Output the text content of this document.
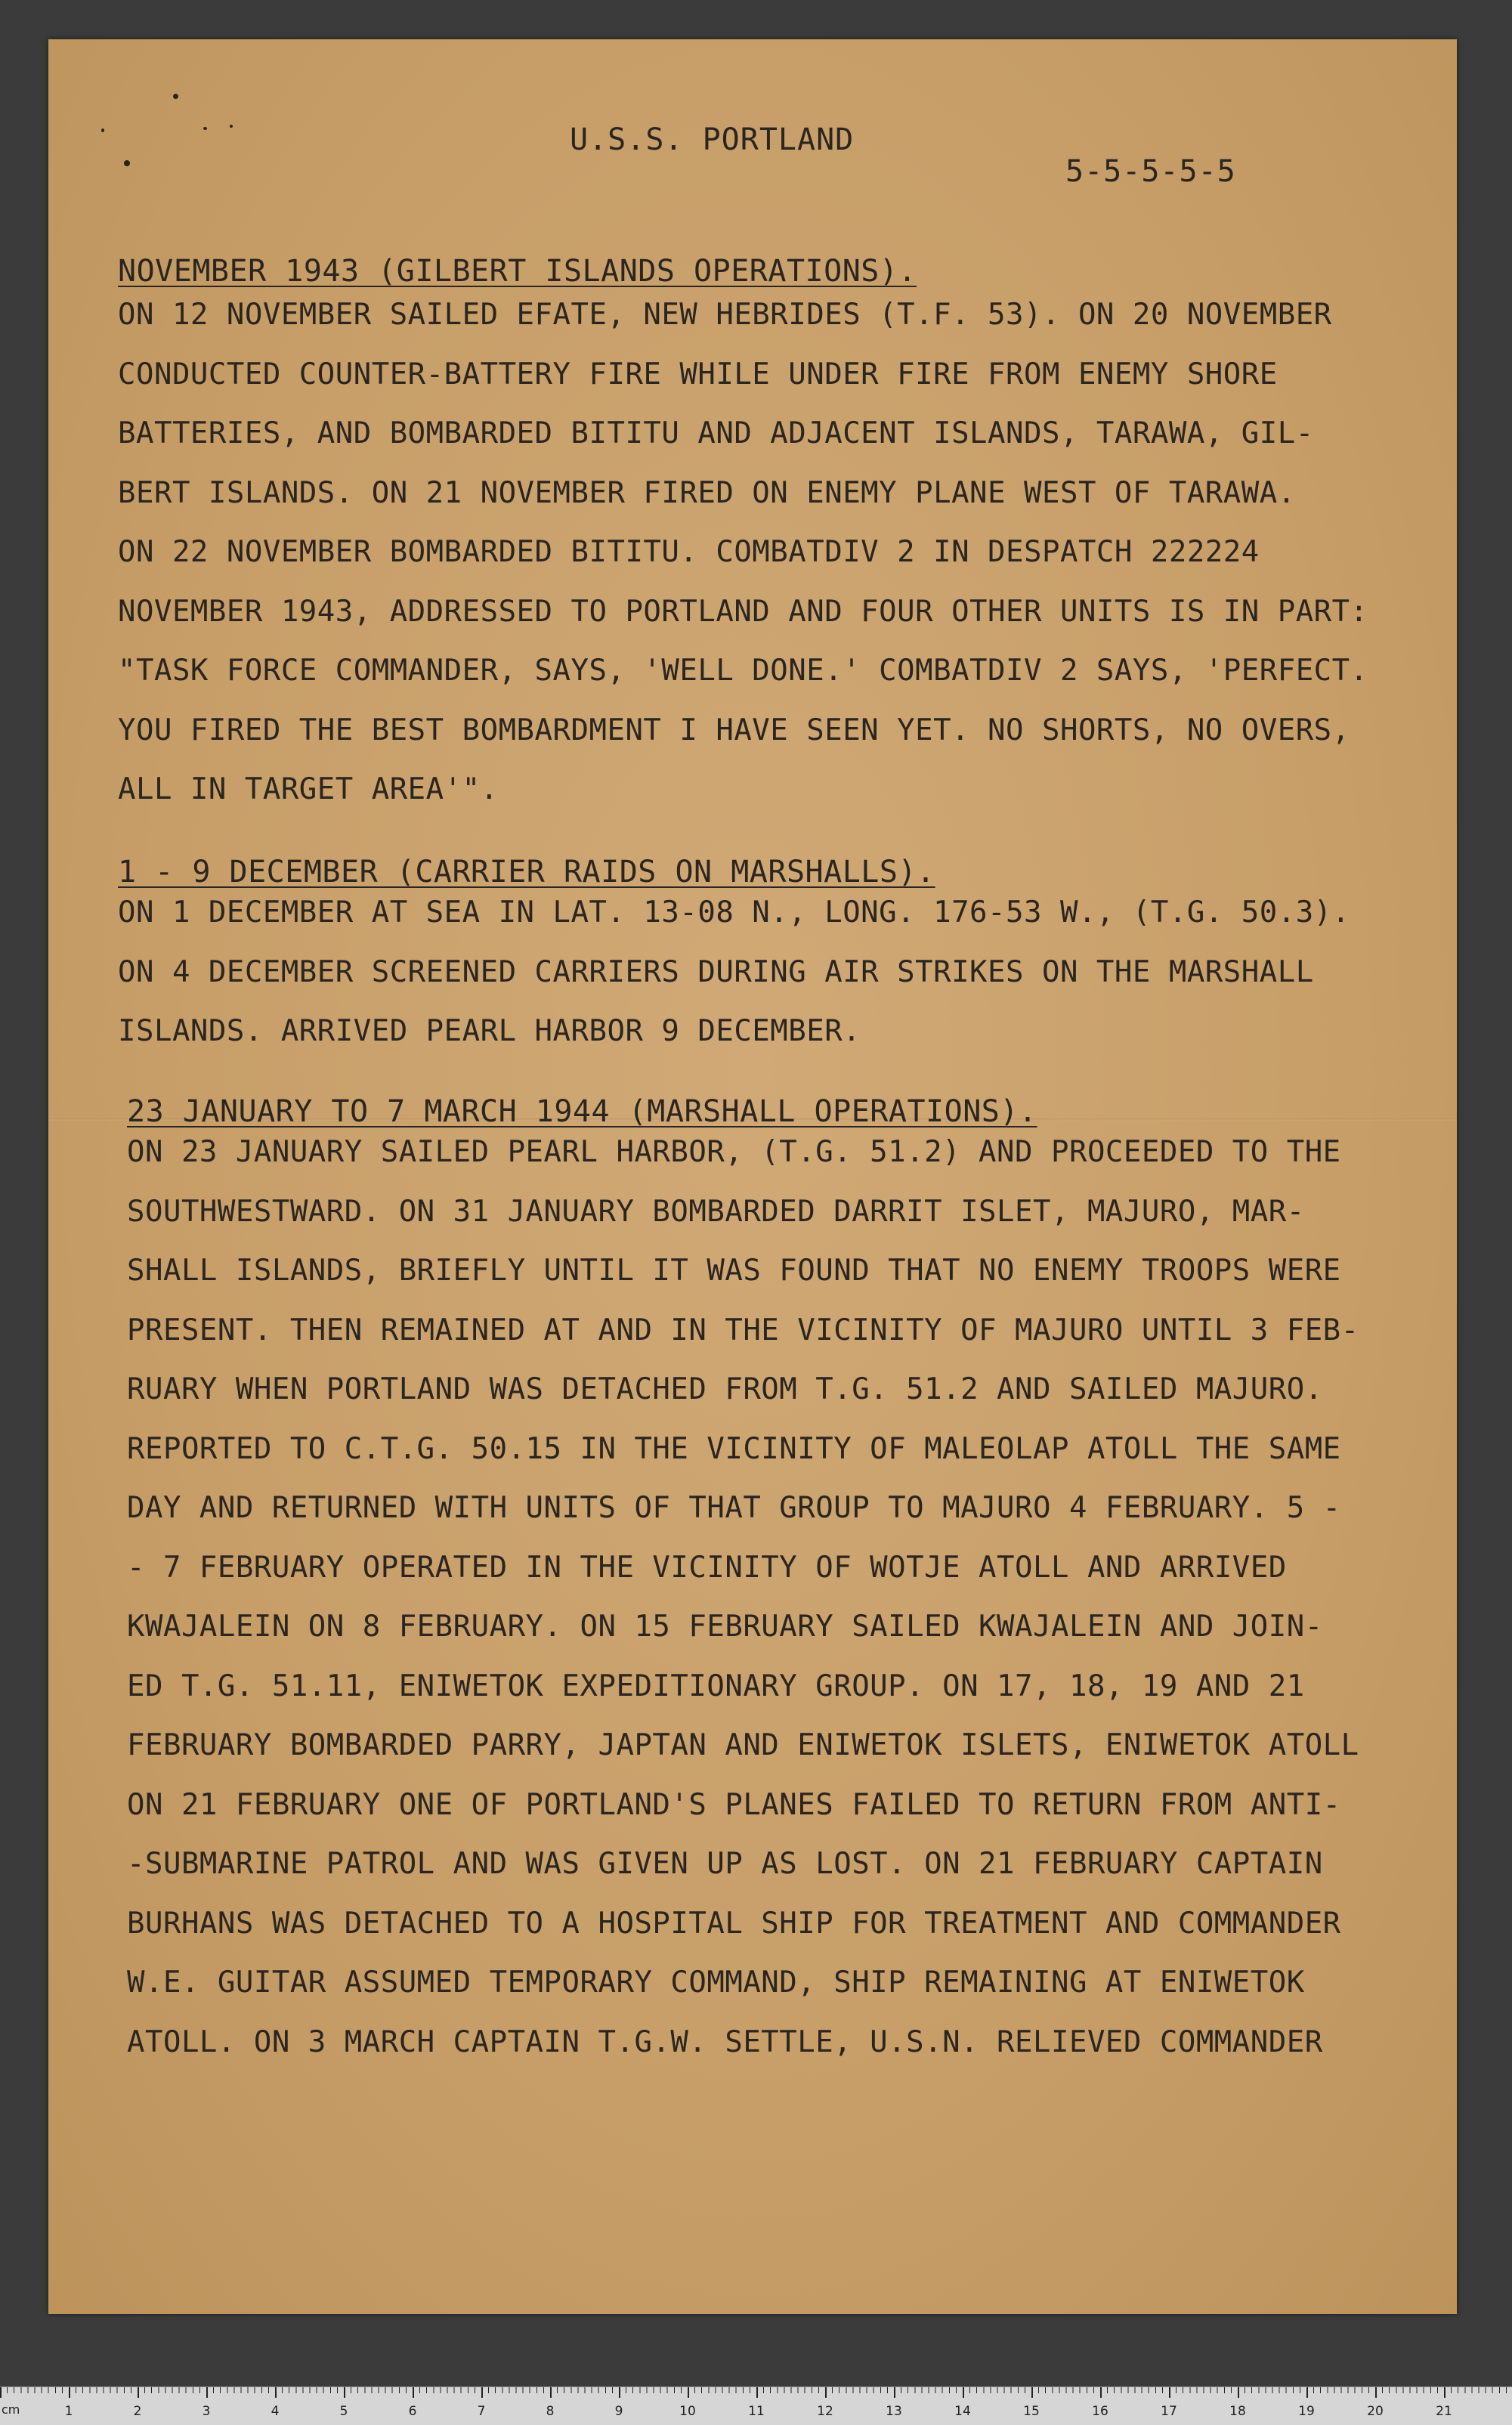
U.S.S. PORTLAND
5-5-5-5-5
NOVEMBER 1943 (GILBERT ISLANDS OPERATIONS).
ON 12 NOVEMBER SAILED EFATE, NEW HEBRIDES (T.F. 53). ON 20 NOVEMBER
CONDUCTED COUNTER-BATTERY FIRE WHILE UNDER FIRE FROM ENEMY SHORE
BATTERIES, AND BOMBARDED BITITU AND ADJACENT ISLANDS, TARAWA, GIL-
BERT ISLANDS. ON 21 NOVEMBER FIRED ON ENEMY PLANE WEST OF TARAWA.
ON 22 NOVEMBER BOMBARDED BITITU. COMBATDIV 2 IN DESPATCH 222224
NOVEMBER 1943, ADDRESSED TO PORTLAND AND FOUR OTHER UNITS IS IN PART:
"TASK FORCE COMMANDER, SAYS, 'WELL DONE.' COMBATDIV 2 SAYS, 'PERFECT.
YOU FIRED THE BEST BOMBARDMENT I HAVE SEEN YET. NO SHORTS, NO OVERS,
ALL IN TARGET AREA'".
1 - 9 DECEMBER (CARRIER RAIDS ON MARSHALLS).
ON 1 DECEMBER AT SEA IN LAT. 13-08 N., LONG. 176-53 W., (T.G. 50.3).
ON 4 DECEMBER SCREENED CARRIERS DURING AIR STRIKES ON THE MARSHALL
ISLANDS. ARRIVED PEARL HARBOR 9 DECEMBER.
23 JANUARY TO 7 MARCH 1944 (MARSHALL OPERATIONS).
ON 23 JANUARY SAILED PEARL HARBOR, (T.G. 51.2) AND PROCEEDED TO THE
SOUTHWESTWARD. ON 31 JANUARY BOMBARDED DARRIT ISLET, MAJURO, MAR-
SHALL ISLANDS, BRIEFLY UNTIL IT WAS FOUND THAT NO ENEMY TROOPS WERE
PRESENT. THEN REMAINED AT AND IN THE VICINITY OF MAJURO UNTIL 3 FEB-
RUARY WHEN PORTLAND WAS DETACHED FROM T.G. 51.2 AND SAILED MAJURO.
REPORTED TO C.T.G. 50.15 IN THE VICINITY OF MALEOLAP ATOLL THE SAME
DAY AND RETURNED WITH UNITS OF THAT GROUP TO MAJURO 4 FEBRUARY. 5 -
- 7 FEBRUARY OPERATED IN THE VICINITY OF WOTJE ATOLL AND ARRIVED
KWAJALEIN ON 8 FEBRUARY. ON 15 FEBRUARY SAILED KWAJALEIN AND JOIN-
ED T.G. 51.11, ENIWETOK EXPEDITIONARY GROUP. ON 17, 18, 19 AND 21
FEBRUARY BOMBARDED PARRY, JAPTAN AND ENIWETOK ISLETS, ENIWETOK ATOLL
ON 21 FEBRUARY ONE OF PORTLAND'S PLANES FAILED TO RETURN FROM ANTI-
-SUBMARINE PATROL AND WAS GIVEN UP AS LOST. ON 21 FEBRUARY CAPTAIN
BURHANS WAS DETACHED TO A HOSPITAL SHIP FOR TREATMENT AND COMMANDER
W.E. GUITAR ASSUMED TEMPORARY COMMAND, SHIP REMAINING AT ENIWETOK
ATOLL. ON 3 MARCH CAPTAIN T.G.W. SETTLE, U.S.N. RELIEVED COMMANDER
cm	1	2	3	4	5	6	7	8	9	10	11	12	13	14	15	16	17	18	19	20	21
